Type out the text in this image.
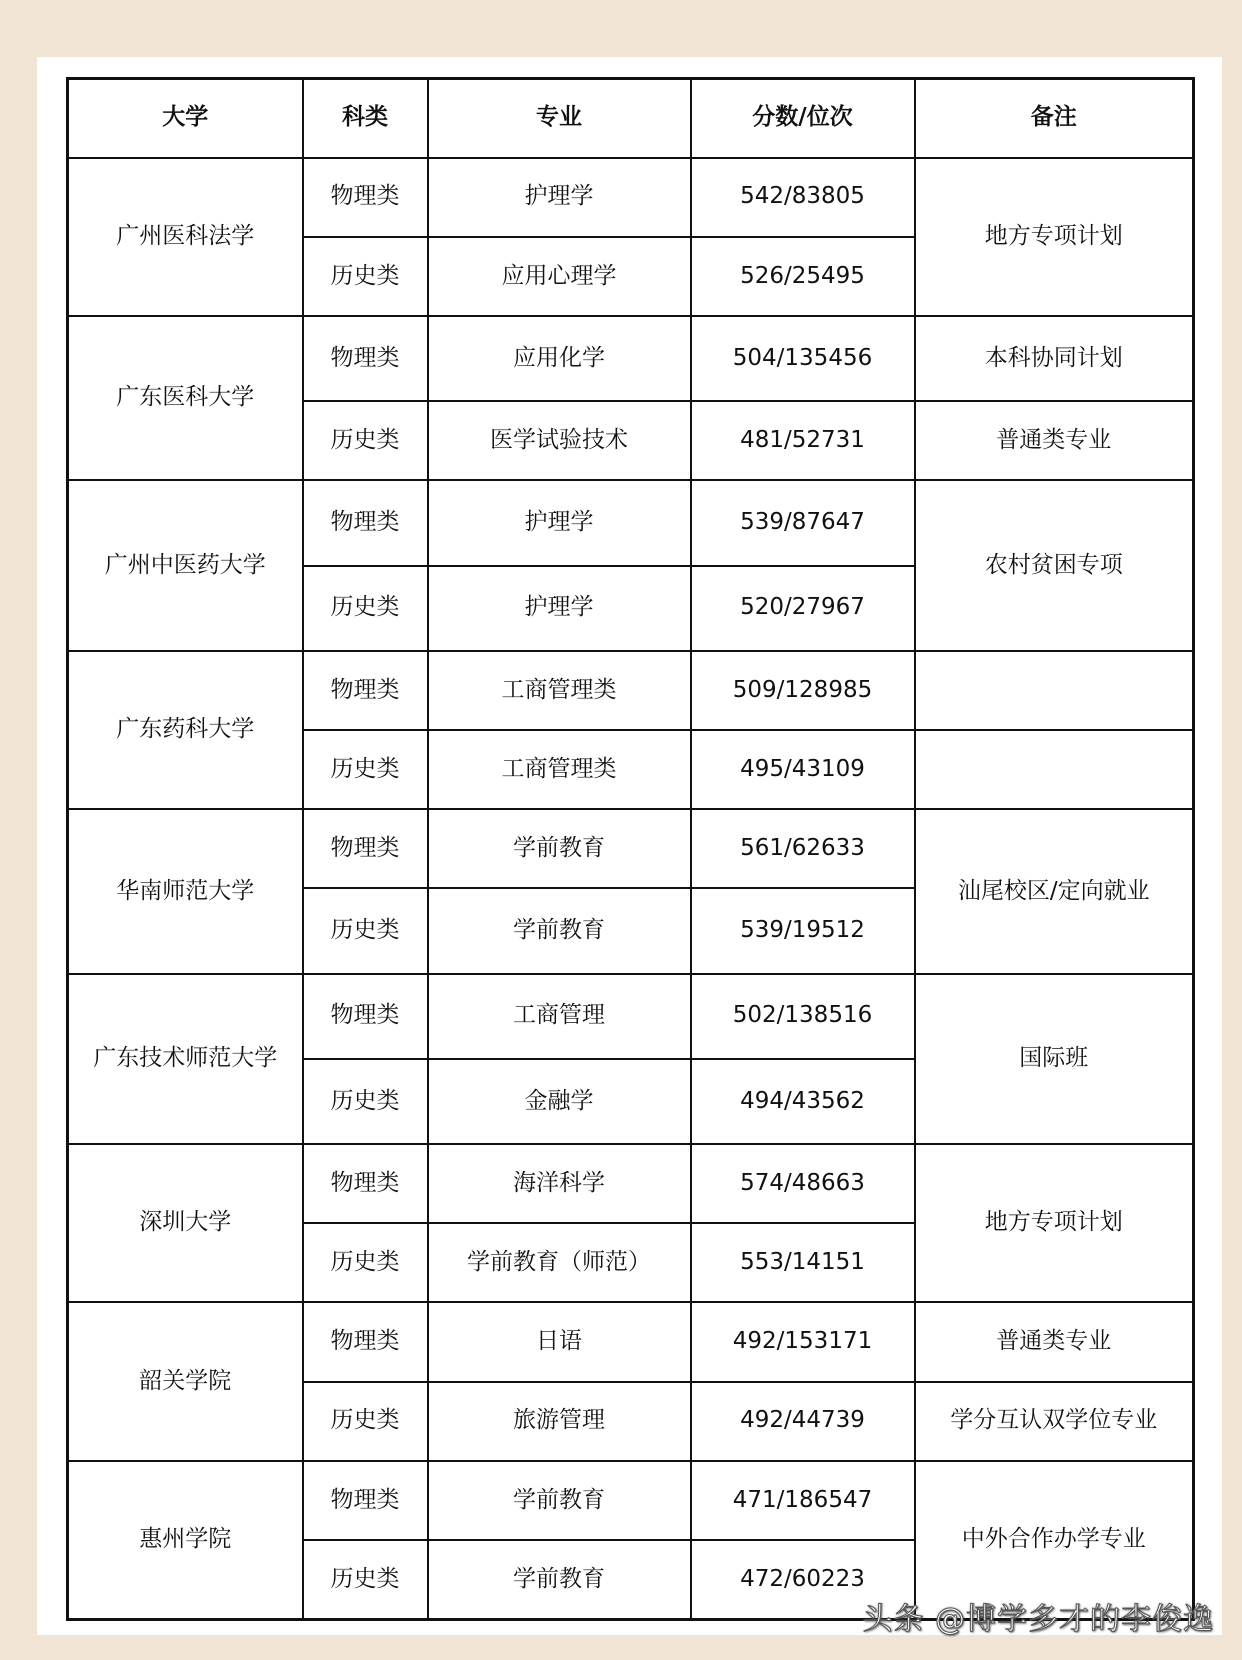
大学	科类	专业	分数/位次	备注
广州医科法学	物理类	护理学	542/83805	地方专项计划
	历史类	应用心理学	526/25495	
广东医科大学	物理类	应用化学	504/135456	本科协同计划
	历史类	医学试验技术	481/52731	普通类专业
广州中医药大学	物理类	护理学	539/87647	农村贫困专项
	历史类	护理学	520/27967	
广东药科大学	物理类	工商管理类	509/128985	
	历史类	工商管理类	495/43109	
华南师范大学	物理类	学前教育	561/62633	汕尾校区/定向就业
	历史类	学前教育	539/19512	
广东技术师范大学	物理类	工商管理	502/138516	国际班
	历史类	金融学	494/43562	
深圳大学	物理类	海洋科学	574/48663	地方专项计划
	历史类	学前教育（师范）	553/14151	
韶关学院	物理类	日语	492/153171	普通类专业
	历史类	旅游管理	492/44739	学分互认双学位专业
惠州学院	物理类	学前教育	471/186547	中外合作办学专业
	历史类	学前教育	472/60223	
头条 @博学多才的李俊逸
